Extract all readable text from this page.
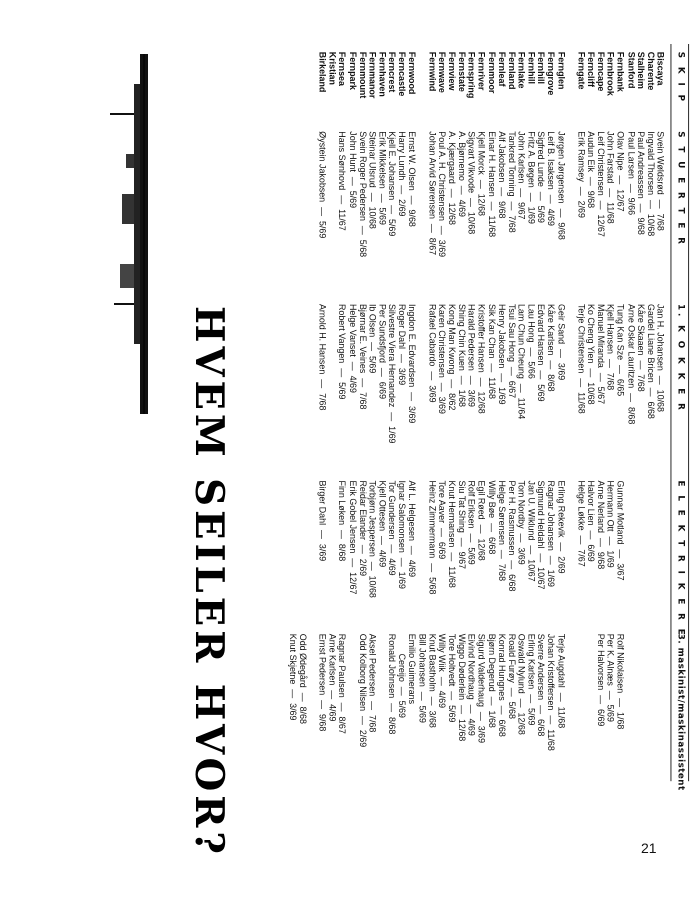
S K I P
S T U E R T E R
1. K O K K E R
E L E K T R I K E R E
3. maskinist/maskinassistent
HVEM SEILER HVOR?
Biscaya
Charente
Stalheim
Stanford
Fernbank
Fernbrook
Ferncape
Ferncliff
Ferngate
Fernglen
Ferngrove
Fernhill
Fernhill
Fernlake
Fernland
Fernleaf
Fernmoor
Fernriver
Fernspring
Fernstate
Fernview
Fernwave
Fernwind
Fernwood
Ferncastle
Ferncrest
Fernhaven
Fernmanor
Fernmount
Fernpark
Fernsea
Kristian
Birkeland
Svein Wøldsrød  —  7/68
Ingvald Thorsen  —  10/68
Paul Andreassen  —  9/68
Paul Larsen  —  9/66
Olav Nipe  —  12/67
John Farstad  —  11/68
Leif Christensen  —  12/67
Audun Eik  —  9/68
Erik Ramsey  —  2/69
Jørgen Jørgensen  —  9/68
Leif B. Isaksen  —  4/69
Sigfred Lunde  —  5/69
Fritz A. Bøgen  —  1/69
John Karlsen  —  9/67
Tankred Tonning  —  7/68
Alf Jakobsen  —  9/68
Einar H. Hansen  —  11/68
Kjell Morck  —  12/68
Sigvart Vikvode  —  10/68
A. Bjørnemo  —  4/69
A. Kjærgaard  —  12/68
Poul A. H. Christensen  —  3/69
Johan Arvid Sørensen  —  8/67
Ernst W. Olsen  —  9/68
Harry Lundh  —  2/69
Kjell E. Johansen  —  5/69
Erik Mikkelsen  —  5/69
Steinar Ulsrud  —  10/68
Svein Roger Pedersen  —  5/68
John Hunt  —  5/69
Hans Sønhovd  —  11/67
Øystein Jakobsen  —  5/69
Jan H. Johansen  —  10/68
Gardel Liane Bricen  —  6/68
Kåre Skaaen  —  7/68
Arne Oskar Lauritzen  —  8/68
Tung Kan Sze  —  6/65
Kjell Hansen  —  7/68
Manuel Miranda  —  5/67
Ko Cheng Yien  —  10/68
Terje Christensen  —  11/68
Geir Sand  —  3/69
Kåre Karlsen  —  8/68
Edvard Hansen  —  5/69
Lau Hong  —  5/66
Lam Chun Cheung  —  11/64
Tsui Sau Hong  —  6/67
Henry Jakobsen  —  1/69
Sik Kan Chan  —  11/68
Kristoffer Hansen  —  12/68
Harald Pedersen  —  3/69
Shing Chin Kuen  —  1/68
Kong Man Kwong  —  8/62
Karen Christensen  —  3/69
Rafael Cabardo  —  3/69
Ingdon E. Edvardsen  —  3/69
Roger Dahl  —  3/69
Silvestre Viera Hernandez  —  1/69
Per Sundsfjord  —  6/69
Ib Olsen  —  5/69
Bjørnar E. Veines  —  7/68
Helge Vanset  —  4/69
Robert Vangen  —  5/69
Arnold H. Hansen  —  7/68
Gunnar Motland  —  3/67
Hermann Ott  —  1/69
Arne Nerland  —  9/68
Halvor Lien  —  6/69
Helge Løkke  —  7/67
Erling Rekevik  —  2/69
Ragnar Johansen  —  1/69
Sigmund Heldahl  —  10/67
Jan U. Wiklund  —  10/67
Tom Nordby  —  3/69
Per H. Rasmussen  —  6/68
Helge Sørensen  —  7/68
Willy Bøe  —  6/68
Egil Røed  —  12/68
Rolf Eriksen  —  5/69
Siu Tat Shing  —  9/67
Knut Hermansen  —  11/68
Tore Aaver  —  6/69
Heinz Zimmermann  —  5/68
Alf L. Helgesen  —  4/69
Ignar Salomonsen  —  1/69
Tor Gundersen  —  4/69
Kjell Ottesen  —  4/69
Torbjørn Jespersen  —  10/68
Reidar Elander  —  2/69
Erik Gobel Jensen  —  12/67
Finn Løken  —  8/68
Birger Dahl  —  3/69
Rolf Nikolaisen  —  1/68
Per K. Alnæs  —  5/69
Per Halvorsen  —  6/69
Terje Augdahl  —  11/68
Johan Kristoffersen  —  11/68
Sverre Andersen  —  6/68
Erling Karlsen  —  5/69
Oswald Nylund  —  12/68
Roald Furøy  —  5/68
Konrad Hungnes  —  6/68
Bjørn Degerud  —  1/68
Sigurd Valderhaug  —  3/69
Eivind Nordhaug  —  4/69
Wiggo Døderlein  —  12/68
Tore Holtvedt  —  5/69
Willy Wiik  —  4/69
Knut Bastholm  —  3/68
Bill Johansen  —  5/69
Emilio Guimerans
Cereijo  —  5/69
Ronald Johnsen  —  8/68
Aksel Pedersen  —  7/68
Odd Kolborg Nilsen  —  2/69
Ragnar Paulsen  —  8/67
Arne Karlsen  —  4/69
Ernst Pedersen  —  9/68
Odd Ødegård  —  8/68
Knut Skjetne  —  3/69
21
